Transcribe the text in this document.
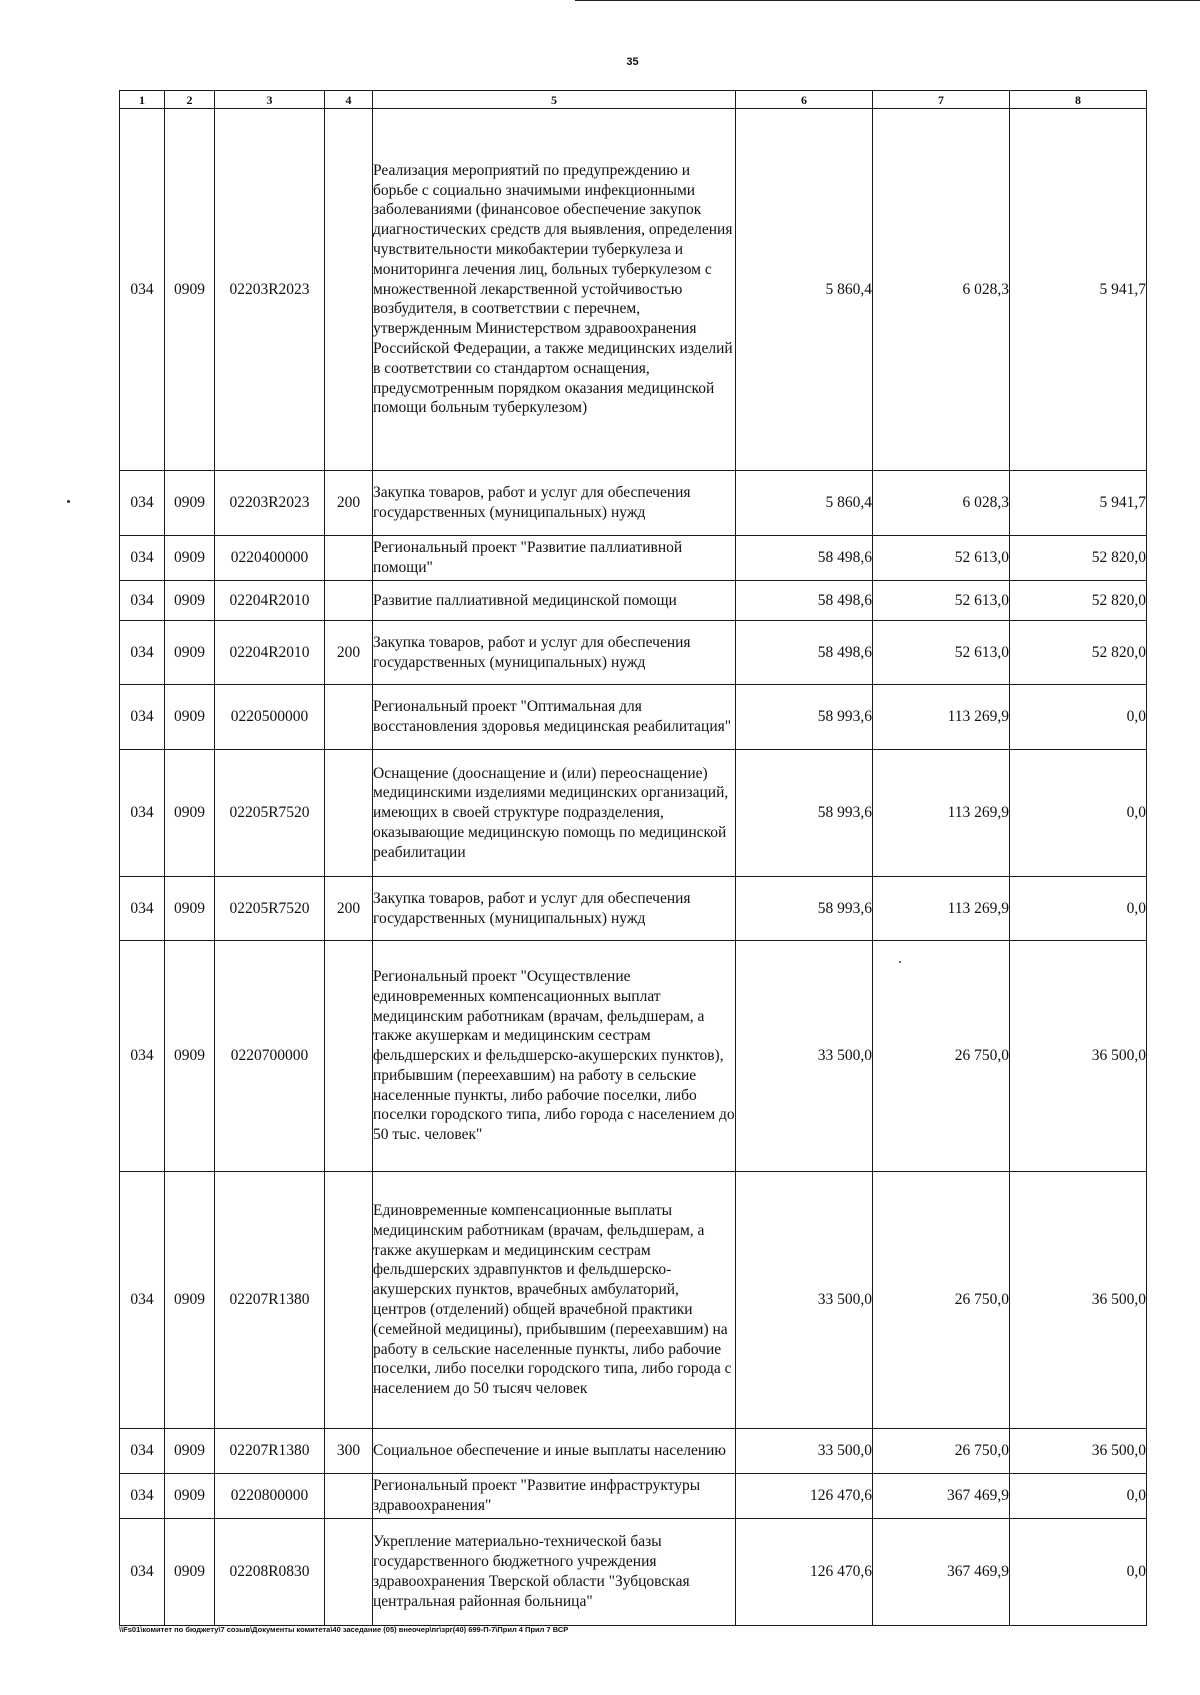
35
1	2	3	4	5	6	7	8
034	0909	02203R2023		Реализация мероприятий по предупреждению и борьбе с социально значимыми инфекционными заболеваниями (финансовое обеспечение закупок диагностических средств для выявления, определения чувствительности микобактерии туберкулеза и мониторинга лечения лиц, больных туберкулезом с множественной лекарственной устойчивостью возбудителя, в соответствии с перечнем, утвержденным Министерством здравоохранения Российской Федерации, а также медицинских изделий в соответствии со стандартом оснащения, предусмотренным порядком оказания медицинской помощи больным туберкулезом)	5 860,4	6 028,3	5 941,7
034	0909	02203R2023	200	Закупка товаров, работ и услуг для обеспечения государственных (муниципальных) нужд	5 860,4	6 028,3	5 941,7
034	0909	0220400000		Региональный проект "Развитие паллиативной помощи"	58 498,6	52 613,0	52 820,0
034	0909	02204R2010		Развитие паллиативной медицинской помощи	58 498,6	52 613,0	52 820,0
034	0909	02204R2010	200	Закупка товаров, работ и услуг для обеспечения государственных (муниципальных) нужд	58 498,6	52 613,0	52 820,0
034	0909	0220500000		Региональный проект "Оптимальная для восстановления здоровья медицинская реабилитация"	58 993,6	113 269,9	0,0
034	0909	02205R7520		Оснащение (дооснащение и (или) переоснащение) медицинскими изделиями медицинских организаций, имеющих в своей структуре подразделения, оказывающие медицинскую помощь по медицинской реабилитации	58 993,6	113 269,9	0,0
034	0909	02205R7520	200	Закупка товаров, работ и услуг для обеспечения государственных (муниципальных) нужд	58 993,6	113 269,9	0,0
034	0909	0220700000		Региональный проект "Осуществление единовременных компенсационных выплат медицинским работникам (врачам, фельдшерам, а также акушеркам и медицинским сестрам фельдшерских и фельдшерско-акушерских пунктов), прибывшим (переехавшим) на работу в сельские населенные пункты, либо рабочие поселки, либо поселки городского типа, либо города с населением до 50 тыс. человек"	33 500,0	26 750,0	36 500,0
034	0909	02207R1380		Единовременные компенсационные выплаты медицинским работникам (врачам, фельдшерам, а также акушеркам и медицинским сестрам фельдшерских здравпунктов и фельдшерско-акушерских пунктов, врачебных амбулаторий, центров (отделений) общей врачебной практики (семейной медицины), прибывшим (переехавшим) на работу в сельские населенные пункты, либо рабочие поселки, либо поселки городского типа, либо города с населением до 50 тысяч человек	33 500,0	26 750,0	36 500,0
034	0909	02207R1380	300	Социальное обеспечение и иные выплаты населению	33 500,0	26 750,0	36 500,0
034	0909	0220800000		Региональный проект "Развитие инфраструктуры здравоохранения"	126 470,6	367 469,9	0,0
034	0909	02208R0830		Укрепление материально-технической базы государственного бюджетного учреждения здравоохранения Тверской области "Зубцовская центральная районная больница"	126 470,6	367 469,9	0,0
\\Fs01\комитет по бюджету\7 созыв\Документы комитета\40 заседание (05) внеочер\пг\зрг(40) 699-П-7\Прил 4 Прил 7 ВСР
